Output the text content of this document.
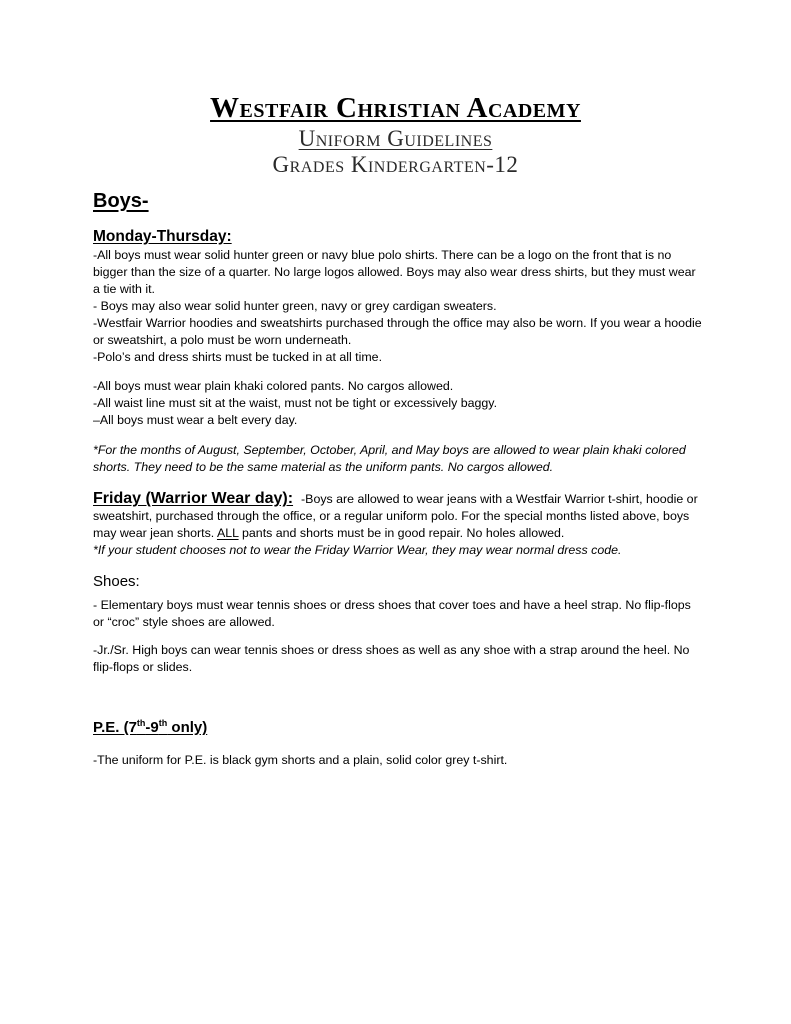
Westfair Christian Academy
Uniform Guidelines
Grades Kindergarten-12
Boys-
Monday-Thursday:

-All boys must wear solid hunter green or navy blue polo shirts. There can be a logo on the front that is no bigger than the size of a quarter. No large logos allowed. Boys may also wear dress shirts, but they must wear a tie with it.

- Boys may also wear solid hunter green, navy or grey cardigan sweaters.

-Westfair Warrior hoodies and sweatshirts purchased through the office may also be worn. If you wear a hoodie or sweatshirt, a polo must be worn underneath.

-Polo’s and dress shirts must be tucked in at all time.

-All boys must wear plain khaki colored pants. No cargos allowed.

-All waist line must sit at the waist, must not be tight or excessively baggy.

–All boys must wear a belt every day.

*For the months of August, September, October, April, and May boys are allowed to wear plain khaki colored shorts. They need to be the same material as the uniform pants. No cargos allowed.

Friday (Warrior Wear day): -Boys are allowed to wear jeans with a Westfair Warrior t-shirt, hoodie or sweatshirt, purchased through the office, or a regular uniform polo. For the special months listed above, boys may wear jean shorts. ALL pants and shorts must be in good repair. No holes allowed.

*If your student chooses not to wear the Friday Warrior Wear, they may wear normal dress code.

Shoes:

- Elementary boys must wear tennis shoes or dress shoes that cover toes and have a heel strap. No flip-flops or “croc” style shoes are allowed.

-Jr./Sr. High boys can wear tennis shoes or dress shoes as well as any shoe with a strap around the heel. No flip-flops or slides.

P.E. (7th-9th only)

-The uniform for P.E. is black gym shorts and a plain, solid color grey t-shirt.
